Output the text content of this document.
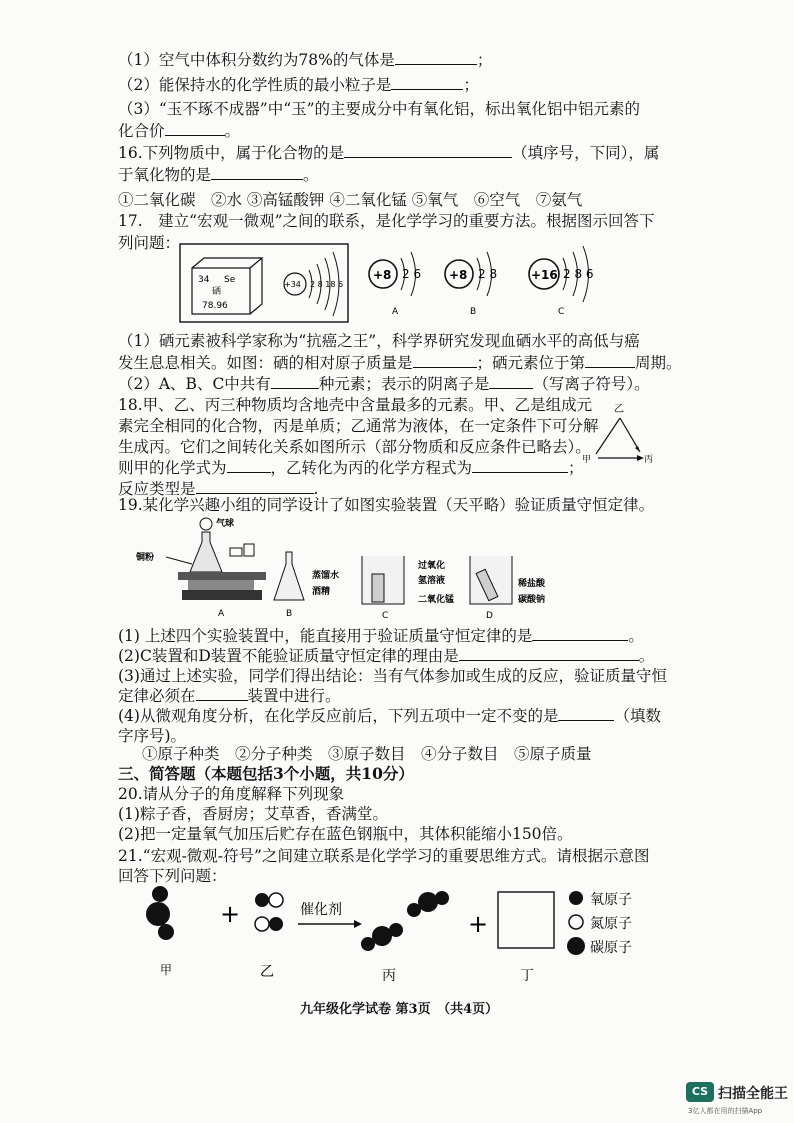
（1）空气中体积分数约为78%的气体是	；
（2）能保持水的化学性质的最小粒子是	；
（3）“玉不琢不成器”中“玉”的主要成分中有氧化铝，标出氧化铝中铝元素的
化合价	。
16.下列物质中，属于化合物的是	（填序号，下同），属
于氧化物的是	。
①二氧化碳　②水 ③高锰酸钾 ④二氧化锰 ⑤氧气　⑥空气　⑦氨气
17.　建立“宏观一微观”之间的联系，是化学学习的重要方法。根据图示回答下
列问题：
34 Se
硒
78.96
+34 2 8 18 6
+8 2 6
A
+8 2 8
B
+16 2 8 6
C
（1）硒元素被科学家称为“抗癌之王”，科学界研究发现血硒水平的高低与癌
发生息息相关。如图：硒的相对原子质量是	；硒元素位于第	周期。
（2）A、B、C中共有	种元素；表示的阴离子是	（写离子符号）。
18.甲、乙、丙三种物质均含地壳中含量最多的元素。甲、乙是组成元
素完全相同的化合物，丙是单质；乙通常为液体，在一定条件下可分解
生成丙。它们之间转化关系如图所示（部分物质和反应条件已略去）。
则甲的化学式为	，乙转化为丙的化学方程式为	；
反应类型是	.
乙
甲	丙
19.某化学兴趣小组的同学设计了如图实验装置（天平略）验证质量守恒定律。
气球
铜粉
A
蒸馏水
酒精
B
过氧化
氢溶液
二氧化锰
C
稀盐酸
碳酸钠
D
(1) 上述四个实验装置中，能直接用于验证质量守恒定律的是	。
(2)C装置和D装置不能验证质量守恒定律的理由是	。
(3)通过上述实验，同学们得出结论：当有气体参加或生成的反应，验证质量守恒
定律必须在	装置中进行。
(4)从微观角度分析，在化学反应前后，下列五项中一定不变的是	（填数
字序号)。
①原子种类　②分子种类　③原子数目　④分子数目　⑤原子质量
三、简答题（本题包括3个小题，共10分）
20.请从分子的角度解释下列现象
(1)粽子香，香厨房；艾草香，香满堂。
(2)把一定量氧气加压后贮存在蓝色钢瓶中，其体积能缩小150倍。
21.“宏观-微观-符号”之间建立联系是化学学习的重要思维方式。请根据示意图
回答下列问题：
+	催化剂	+
氧原子
氮原子
碳原子
甲	乙	丙	丁
九年级化学试卷 第3页　（共4页）
CS 扫描全能王
3亿人都在用的扫描App
